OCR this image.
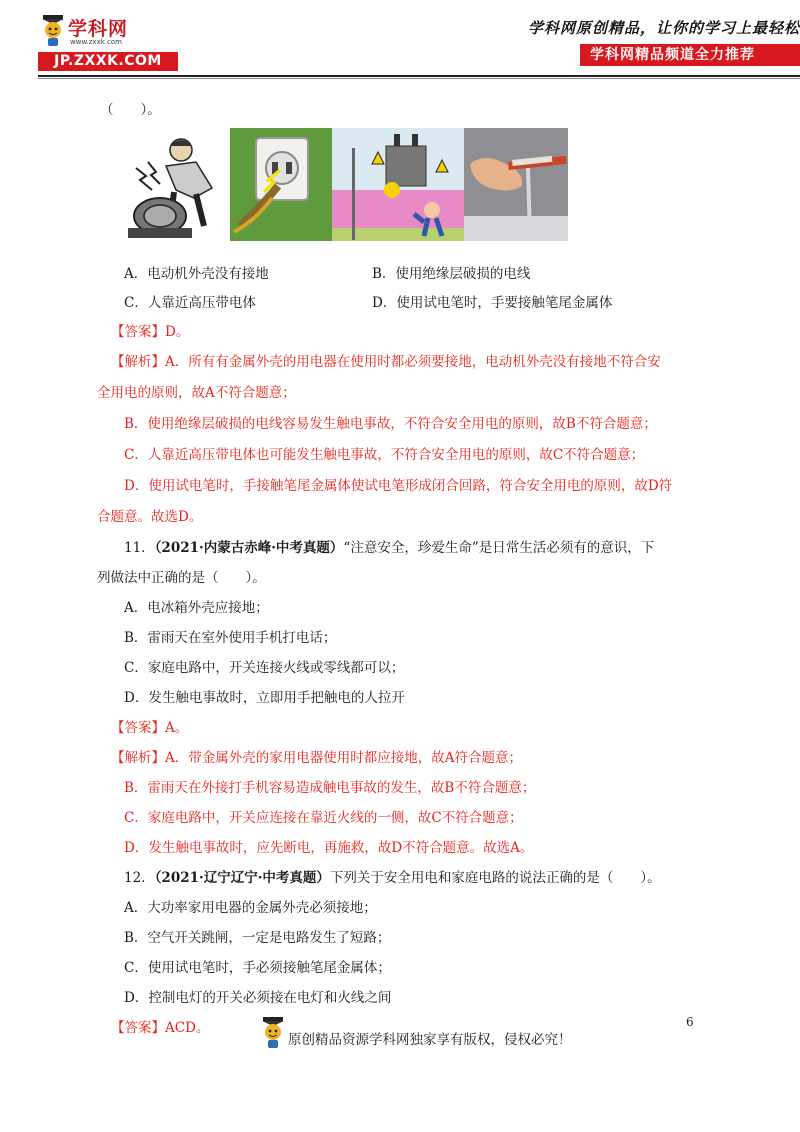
学科网
www.zxxk.com
JP.ZXXK.COM
学科网原创精品，让你的学习上最轻松
学科网精品频道全力推荐
（　　）。
A．电动机外壳没有接地	B．使用绝缘层破损的电线
C．人靠近高压带电体	D．使用试电笔时，手要接触笔尾金属体
【答案】D。
【解析】A．所有有金属外壳的用电器在使用时都必须要接地，电动机外壳没有接地不符合安
全用电的原则，故A不符合题意；
B．使用绝缘层破损的电线容易发生触电事故，不符合安全用电的原则，故B不符合题意；
C．人靠近高压带电体也可能发生触电事故，不符合安全用电的原则，故C不符合题意；
D．使用试电笔时，手接触笔尾金属体使试电笔形成闭合回路，符合安全用电的原则，故D符
合题意。故选D。
11．（2021·内蒙古赤峰·中考真题）“注意安全，珍爱生命”是日常生活必须有的意识，下
列做法中正确的是（　　）。
A．电冰箱外壳应接地；
B．雷雨天在室外使用手机打电话；
C．家庭电路中，开关连接火线或零线都可以；
D．发生触电事故时，立即用手把触电的人拉开
【答案】A。
【解析】A．带金属外壳的家用电器使用时都应接地，故A符合题意；
B．雷雨天在外接打手机容易造成触电事故的发生，故B不符合题意；
C．家庭电路中，开关应连接在靠近火线的一侧，故C不符合题意；
D．发生触电事故时，应先断电，再施救，故D不符合题意。故选A。
12．（2021·辽宁辽宁·中考真题）下列关于安全用电和家庭电路的说法正确的是（　　）。
A．大功率家用电器的金属外壳必须接地；
B．空气开关跳闸，一定是电路发生了短路；
C．使用试电笔时，手必须接触笔尾金属体；
D．控制电灯的开关必须接在电灯和火线之间
【答案】ACD。	6
原创精品资源学科网独家享有版权，侵权必究！
